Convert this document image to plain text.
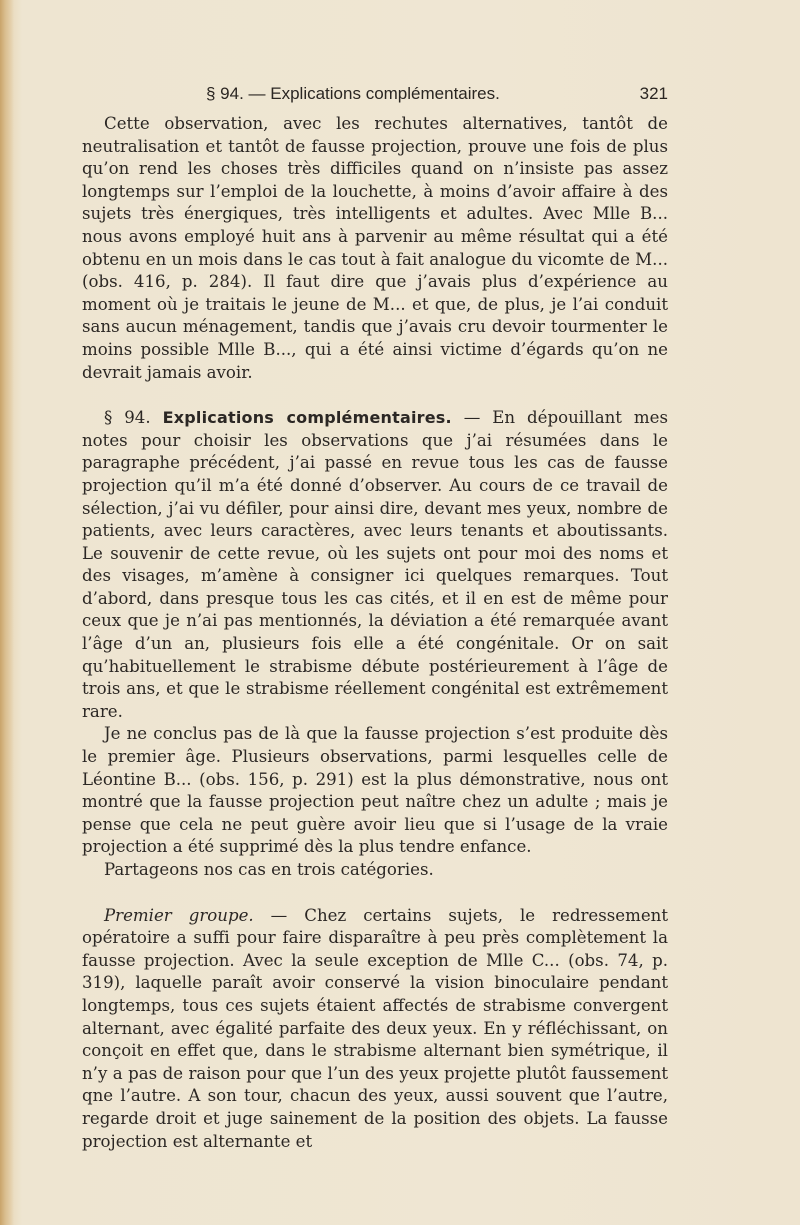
§ 94. — Explications complémentaires.	321

Cette observation, avec les rechutes alternatives, tantôt de neutralisation et tantôt de fausse projection, prouve une fois de plus qu’on rend les choses très difficiles quand on n’insiste pas assez longtemps sur l’emploi de la louchette, à moins d’avoir affaire à des sujets très énergiques, très intelligents et adultes. Avec Mlle B... nous avons employé huit ans à parvenir au même résultat qui a été obtenu en un mois dans le cas tout à fait analogue du vicomte de M... (obs. 416, p. 284). Il faut dire que j’avais plus d’expérience au moment où je traitais le jeune de M... et que, de plus, je l’ai conduit sans aucun ménagement, tandis que j’avais cru devoir tourmenter le moins possible Mlle B..., qui a été ainsi victime d’égards qu’on ne devrait jamais avoir.

§ 94. Explications complémentaires. — En dépouillant mes notes pour choisir les observations que j’ai résumées dans le paragraphe précédent, j’ai passé en revue tous les cas de fausse projection qu’il m’a été donné d’observer. Au cours de ce travail de sélection, j’ai vu défiler, pour ainsi dire, devant mes yeux, nombre de patients, avec leurs caractères, avec leurs tenants et aboutissants. Le souvenir de cette revue, où les sujets ont pour moi des noms et des visages, m’amène à consigner ici quelques remarques. Tout d’abord, dans presque tous les cas cités, et il en est de même pour ceux que je n’ai pas mentionnés, la déviation a été remarquée avant l’âge d’un an, plusieurs fois elle a été congénitale. Or on sait qu’habituellement le strabisme débute postérieurement à l’âge de trois ans, et que le strabisme réellement congénital est extrêmement rare.

Je ne conclus pas de là que la fausse projection s’est produite dès le premier âge. Plusieurs observations, parmi lesquelles celle de Léontine B... (obs. 156, p. 291) est la plus démonstrative, nous ont montré que la fausse projection peut naître chez un adulte ; mais je pense que cela ne peut guère avoir lieu que si l’usage de la vraie projection a été supprimé dès la plus tendre enfance.

Partageons nos cas en trois catégories.

Premier groupe. — Chez certains sujets, le redressement opératoire a suffi pour faire disparaître à peu près complètement la fausse projection. Avec la seule exception de Mlle C... (obs. 74, p. 319), laquelle paraît avoir conservé la vision binoculaire pendant longtemps, tous ces sujets étaient affectés de strabisme convergent alternant, avec égalité parfaite des deux yeux. En y réfléchissant, on conçoit en effet que, dans le strabisme alternant bien symétrique, il n’y a pas de raison pour que l’un des yeux projette plutôt faussement qne l’autre. A son tour, chacun des yeux, aussi souvent que l’autre, regarde droit et juge sainement de la position des objets. La fausse projection est alternante et
